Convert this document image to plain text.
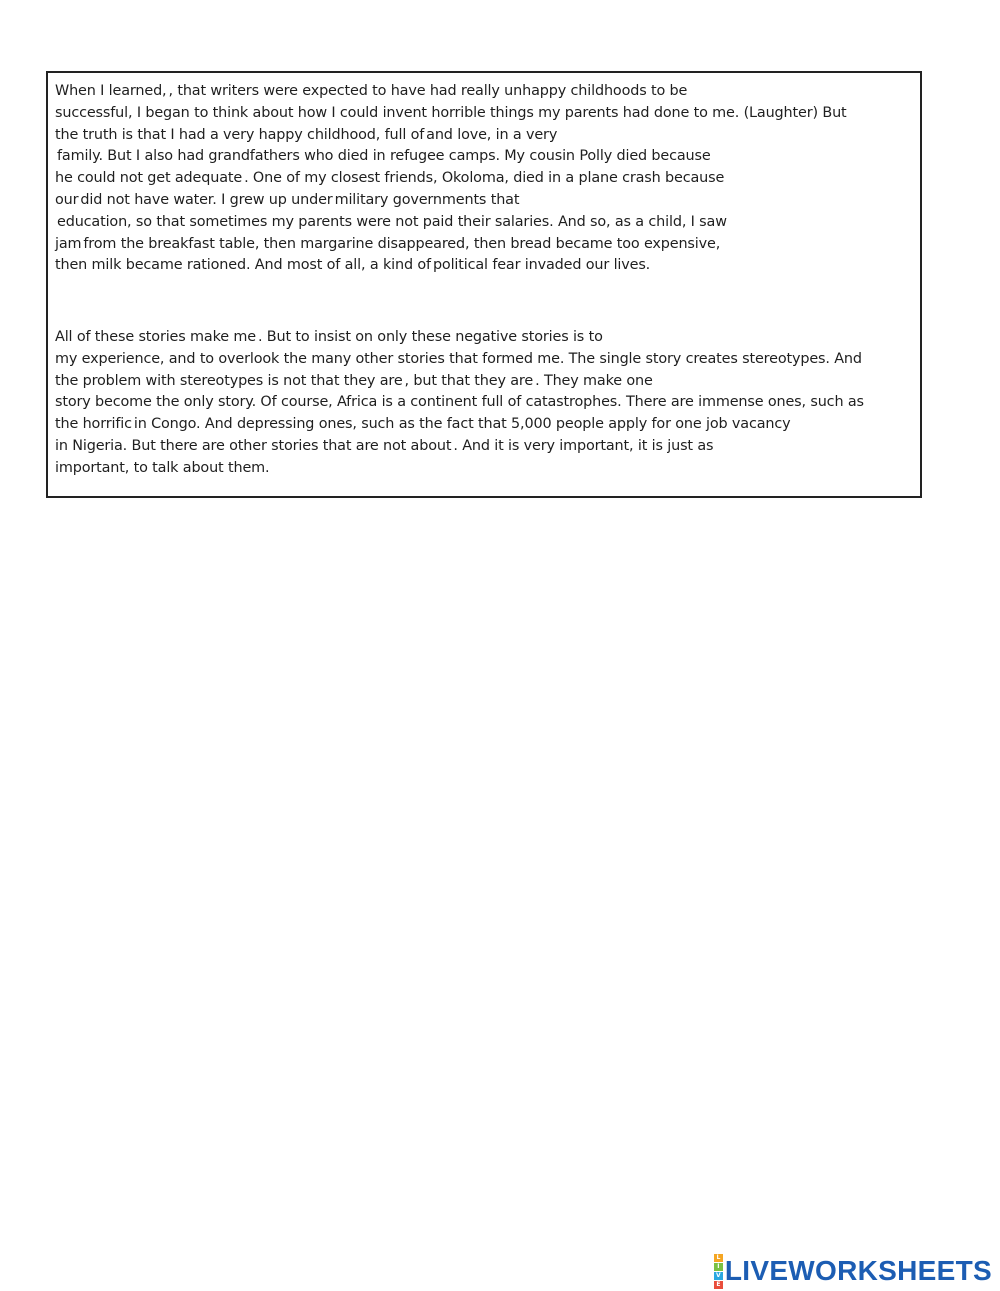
When I learned, , that writers were expected to have had really unhappy childhoods to be
successful, I began to think about how I could invent horrible things my parents had done to me. (Laughter) But
the truth is that I had a very happy childhood, full of and love, in a very
family. But I also had grandfathers who died in refugee camps. My cousin Polly died because
he could not get adequate . One of my closest friends, Okoloma, died in a plane crash because
our did not have water. I grew up under military governments that
education, so that sometimes my parents were not paid their salaries. And so, as a child, I saw
jam from the breakfast table, then margarine disappeared, then bread became too expensive,
then milk became rationed. And most of all, a kind of political fear invaded our lives.
All of these stories make me . But to insist on only these negative stories is to
my experience, and to overlook the many other stories that formed me. The single story creates stereotypes. And
the problem with stereotypes is not that they are , but that they are . They make one
story become the only story. Of course, Africa is a continent full of catastrophes. There are immense ones, such as
the horrific in Congo. And depressing ones, such as the fact that 5,000 people apply for one job vacancy
in Nigeria. But there are other stories that are not about . And it is very important, it is just as
important, to talk about them.
L
I
V
E LIVEWORKSHEETS
